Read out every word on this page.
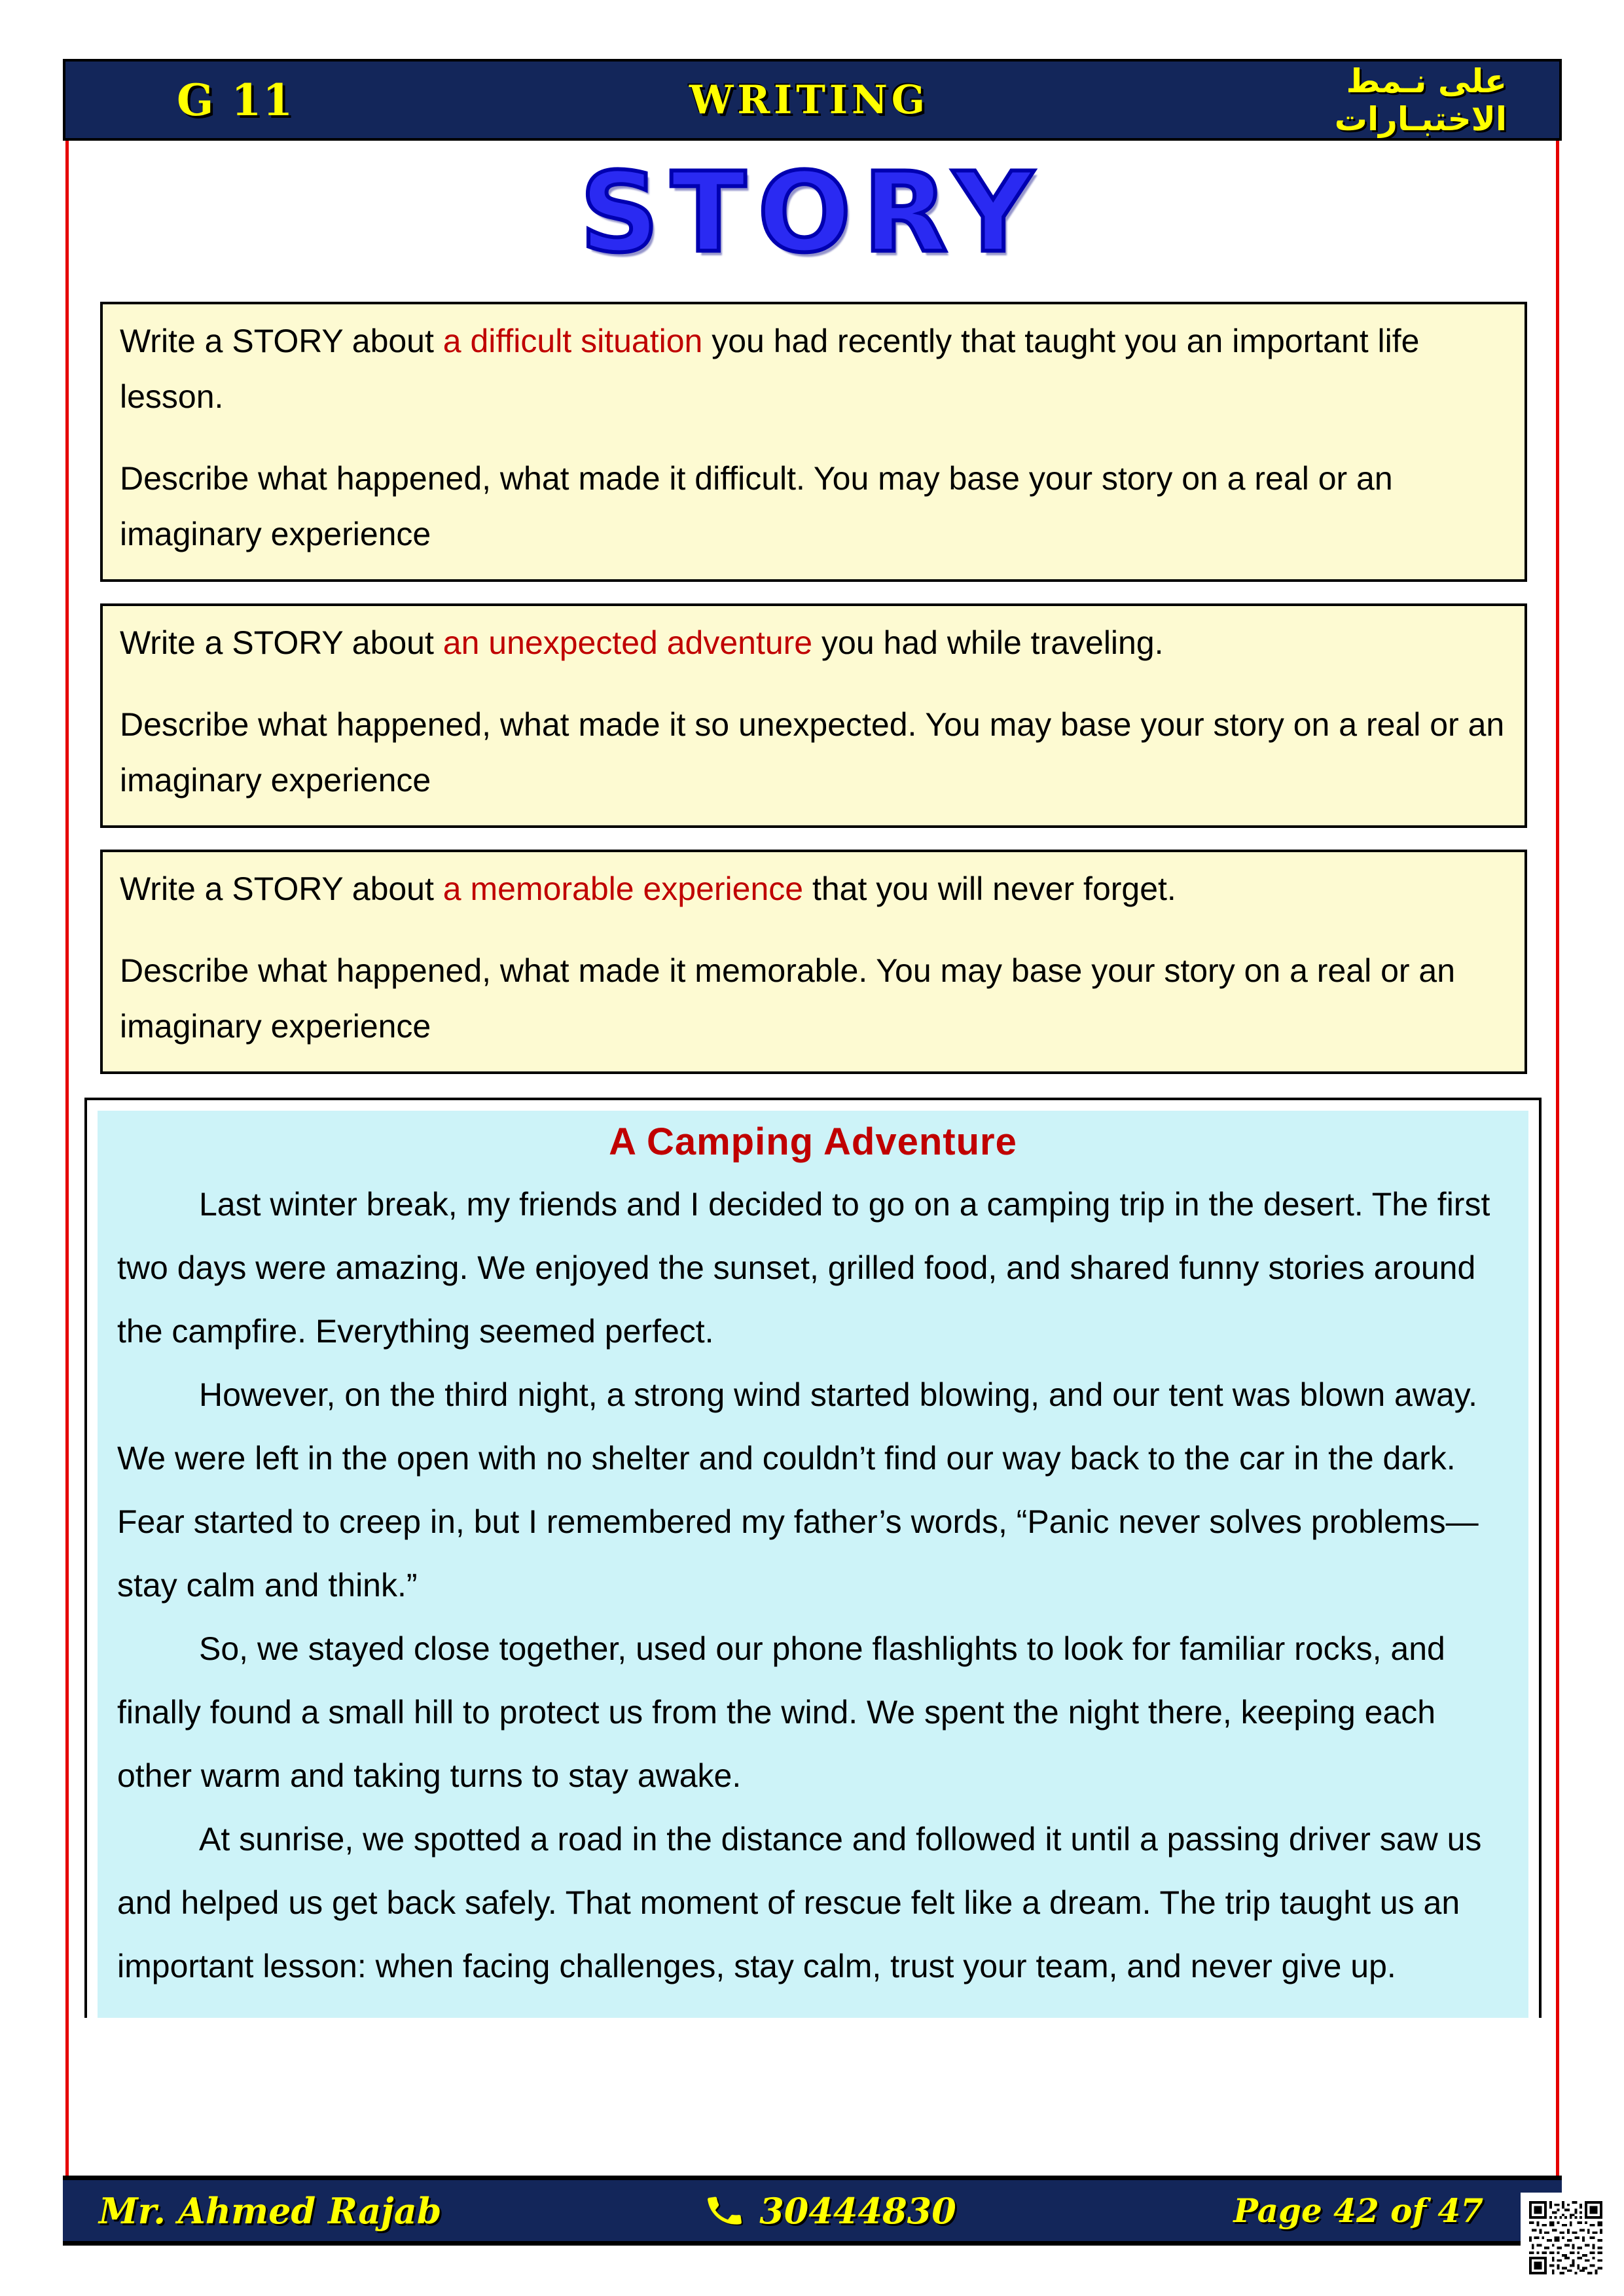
G 11	WRITING	على نـمط الاختبـارات
STORY
Write a STORY about a difficult situation you had recently that taught you an important life lesson.
Describe what happened, what made it difficult. You may base your story on a real or an imaginary experience
Write a STORY about an unexpected adventure you had while traveling.
Describe what happened, what made it so unexpected. You may base your story on a real or an imaginary experience
Write a STORY about a memorable experience that you will never forget.
Describe what happened, what made it memorable. You may base your story on a real or an imaginary experience
A Camping Adventure

Last winter break, my friends and I decided to go on a camping trip in the desert. The first two days were amazing. We enjoyed the sunset, grilled food, and shared funny stories around the campfire. Everything seemed perfect.

However, on the third night, a strong wind started blowing, and our tent was blown away. We were left in the open with no shelter and couldn’t find our way back to the car in the dark. Fear started to creep in, but I remembered my father’s words, “Panic never solves problems—stay calm and think.”

So, we stayed close together, used our phone flashlights to look for familiar rocks, and finally found a small hill to protect us from the wind. We spent the night there, keeping each other warm and taking turns to stay awake.

At sunrise, we spotted a road in the distance and followed it until a passing driver saw us and helped us get back safely. That moment of rescue felt like a dream. The trip taught us an important lesson: when facing challenges, stay calm, trust your team, and never give up.

Mr. Ahmed Rajab	30444830	Page 42 of 47
